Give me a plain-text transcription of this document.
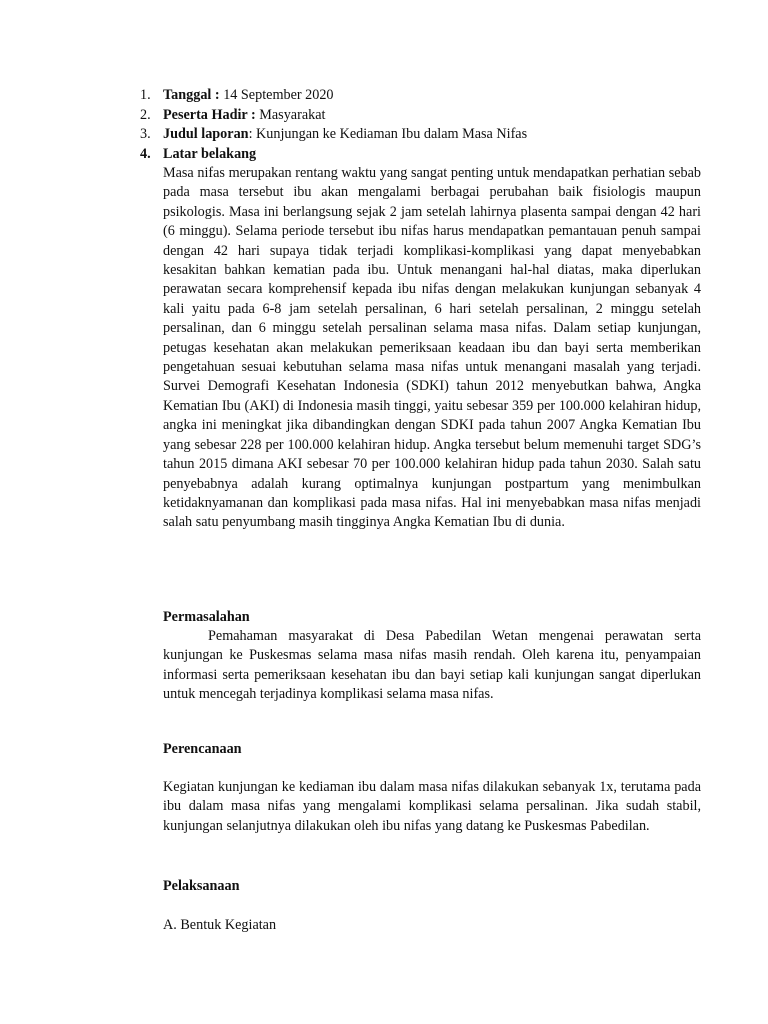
1. Tanggal : 14 September 2020
2. Peserta Hadir : Masyarakat
3. Judul laporan: Kunjungan ke Kediaman Ibu dalam Masa Nifas
4. Latar belakang

Masa nifas merupakan rentang waktu yang sangat penting untuk mendapatkan perhatian sebab pada masa tersebut ibu akan mengalami berbagai perubahan baik fisiologis maupun psikologis. Masa ini berlangsung sejak 2 jam setelah lahirnya plasenta sampai dengan 42 hari (6 minggu). Selama periode tersebut ibu nifas harus mendapatkan pemantauan penuh sampai dengan 42 hari supaya tidak terjadi komplikasi-komplikasi yang dapat menyebabkan kesakitan bahkan kematian pada ibu. Untuk menangani hal-hal diatas, maka diperlukan perawatan secara komprehensif kepada ibu nifas dengan melakukan kunjungan sebanyak 4 kali yaitu pada 6-8 jam setelah persalinan, 6 hari setelah persalinan, 2 minggu setelah persalinan, dan 6 minggu setelah persalinan selama masa nifas. Dalam setiap kunjungan, petugas kesehatan akan melakukan pemeriksaan keadaan ibu dan bayi serta memberikan pengetahuan sesuai kebutuhan selama masa nifas untuk menangani masalah yang terjadi. Survei Demografi Kesehatan Indonesia (SDKI) tahun 2012 menyebutkan bahwa, Angka Kematian Ibu (AKI) di Indonesia masih tinggi, yaitu sebesar 359 per 100.000 kelahiran hidup, angka ini meningkat jika dibandingkan dengan SDKI pada tahun 2007 Angka Kematian Ibu yang sebesar 228 per 100.000 kelahiran hidup. Angka tersebut belum memenuhi target SDG’s tahun 2015 dimana AKI sebesar 70 per 100.000 kelahiran hidup pada tahun 2030. Salah satu penyebabnya adalah kurang optimalnya kunjungan postpartum yang menimbulkan ketidaknyamanan dan komplikasi pada masa nifas. Hal ini menyebabkan masa nifas menjadi salah satu penyumbang masih tingginya Angka Kematian Ibu di dunia.

Permasalahan

Pemahaman masyarakat di Desa Pabedilan Wetan mengenai perawatan serta kunjungan ke Puskesmas selama masa nifas masih rendah. Oleh karena itu, penyampaian informasi serta pemeriksaan kesehatan ibu dan bayi setiap kali kunjungan sangat diperlukan untuk mencegah terjadinya komplikasi selama masa nifas.

Perencanaan

Kegiatan kunjungan ke kediaman ibu dalam masa nifas dilakukan sebanyak 1x, terutama pada ibu dalam masa nifas yang mengalami komplikasi selama persalinan. Jika sudah stabil, kunjungan selanjutnya dilakukan oleh ibu nifas yang datang ke Puskesmas Pabedilan.

Pelaksanaan

A. Bentuk Kegiatan
